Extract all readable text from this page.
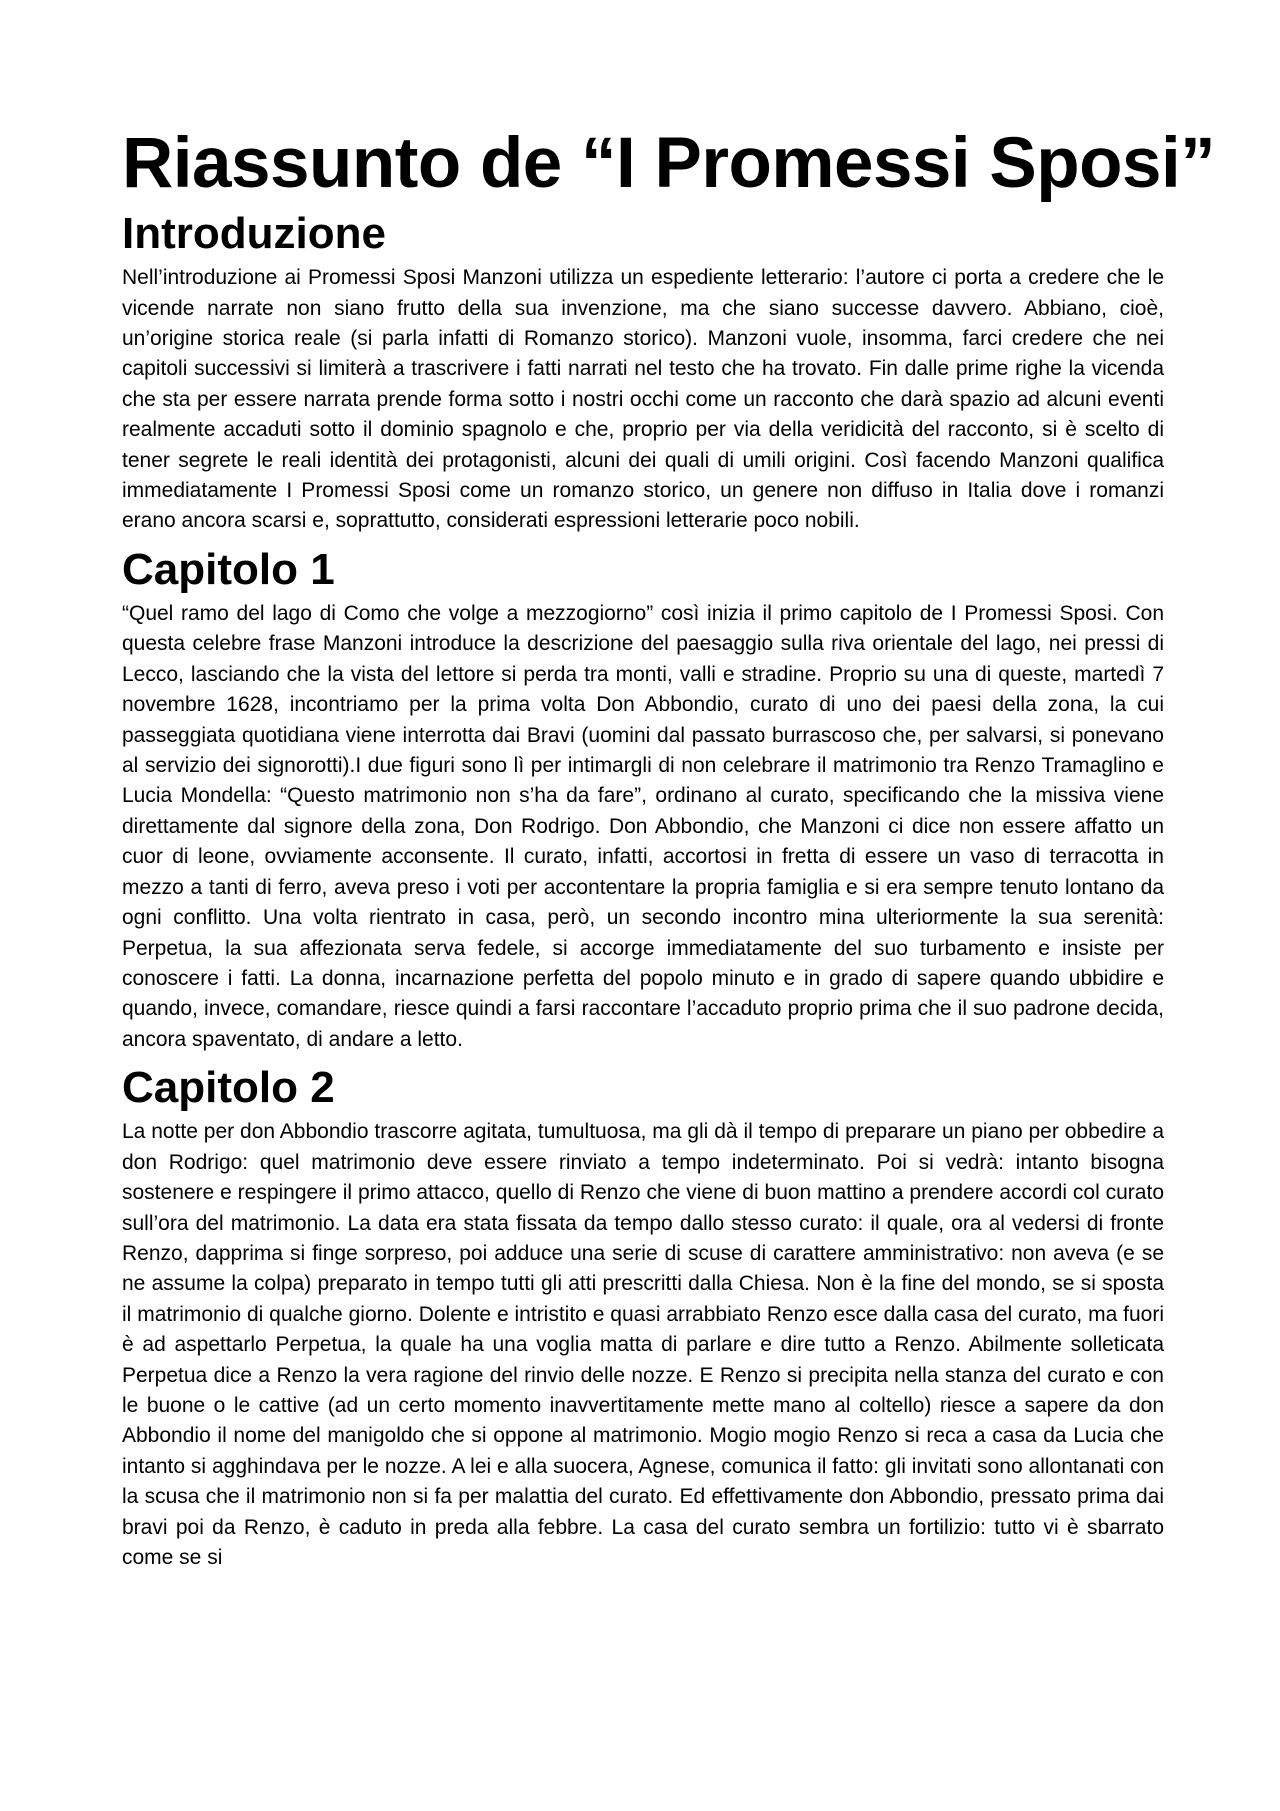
Riassunto de “I Promessi Sposi”
Introduzione

Nell’introduzione ai Promessi Sposi Manzoni utilizza un espediente letterario: l’autore ci porta a credere che le vicende narrate non siano frutto della sua invenzione, ma che siano successe davvero. Abbiano, cioè, un’origine storica reale (si parla infatti di Romanzo storico). Manzoni vuole, insomma, farci credere che nei capitoli successivi si limiterà a trascrivere i fatti narrati nel testo che ha trovato. Fin dalle prime righe la vicenda che sta per essere narrata prende forma sotto i nostri occhi come un racconto che darà spazio ad alcuni eventi realmente accaduti sotto il dominio spagnolo e che, proprio per via della veridicità del racconto, si è scelto di tener segrete le reali identità dei protagonisti, alcuni dei quali di umili origini. Così facendo Manzoni qualifica immediatamente I Promessi Sposi come un romanzo storico, un genere non diffuso in Italia dove i romanzi erano ancora scarsi e, soprattutto, considerati espressioni letterarie poco nobili.

Capitolo 1

“Quel ramo del lago di Como che volge a mezzogiorno” così inizia il primo capitolo de I Promessi Sposi. Con questa celebre frase Manzoni introduce la descrizione del paesaggio sulla riva orientale del lago, nei pressi di Lecco, lasciando che la vista del lettore si perda tra monti, valli e stradine. Proprio su una di queste, martedì 7 novembre 1628, incontriamo per la prima volta Don Abbondio, curato di uno dei paesi della zona, la cui passeggiata quotidiana viene interrotta dai Bravi (uomini dal passato burrascoso che, per salvarsi, si ponevano al servizio dei signorotti).I due figuri sono lì per intimargli di non celebrare il matrimonio tra Renzo Tramaglino e Lucia Mondella: “Questo matrimonio non s’ha da fare”, ordinano al curato, specificando che la missiva viene direttamente dal signore della zona, Don Rodrigo. Don Abbondio, che Manzoni ci dice non essere affatto un cuor di leone, ovviamente acconsente. Il curato, infatti, accortosi in fretta di essere un vaso di terracotta in mezzo a tanti di ferro, aveva preso i voti per accontentare la propria famiglia e si era sempre tenuto lontano da ogni conflitto. Una volta rientrato in casa, però, un secondo incontro mina ulteriormente la sua serenità: Perpetua, la sua affezionata serva fedele, si accorge immediatamente del suo turbamento e insiste per conoscere i fatti. La donna, incarnazione perfetta del popolo minuto e in grado di sapere quando ubbidire e quando, invece, comandare, riesce quindi a farsi raccontare l’accaduto proprio prima che il suo padrone decida, ancora spaventato, di andare a letto.

Capitolo 2

La notte per don Abbondio trascorre agitata, tumultuosa, ma gli dà il tempo di preparare un piano per obbedire a don Rodrigo: quel matrimonio deve essere rinviato a tempo indeterminato. Poi si vedrà: intanto bisogna sostenere e respingere il primo attacco, quello di Renzo che viene di buon mattino a prendere accordi col curato sull’ora del matrimonio. La data era stata fissata da tempo dallo stesso curato: il quale, ora al vedersi di fronte Renzo, dapprima si finge sorpreso, poi adduce una serie di scuse di carattere amministrativo: non aveva (e se ne assume la colpa) preparato in tempo tutti gli atti prescritti dalla Chiesa. Non è la fine del mondo, se si sposta il matrimonio di qualche giorno. Dolente e intristito e quasi arrabbiato Renzo esce dalla casa del curato, ma fuori è ad aspettarlo Perpetua, la quale ha una voglia matta di parlare e dire tutto a Renzo. Abilmente solleticata Perpetua dice a Renzo la vera ragione del rinvio delle nozze. E Renzo si precipita nella stanza del curato e con le buone o le cattive (ad un certo momento inavvertitamente mette mano al coltello) riesce a sapere da don Abbondio il nome del manigoldo che si oppone al matrimonio. Mogio mogio Renzo si reca a casa da Lucia che intanto si agghindava per le nozze. A lei e alla suocera, Agnese, comunica il fatto: gli invitati sono allontanati con la scusa che il matrimonio non si fa per malattia del curato. Ed effettivamente don Abbondio, pressato prima dai bravi poi da Renzo, è caduto in preda alla febbre. La casa del curato sembra un fortilizio: tutto vi è sbarrato come se si
